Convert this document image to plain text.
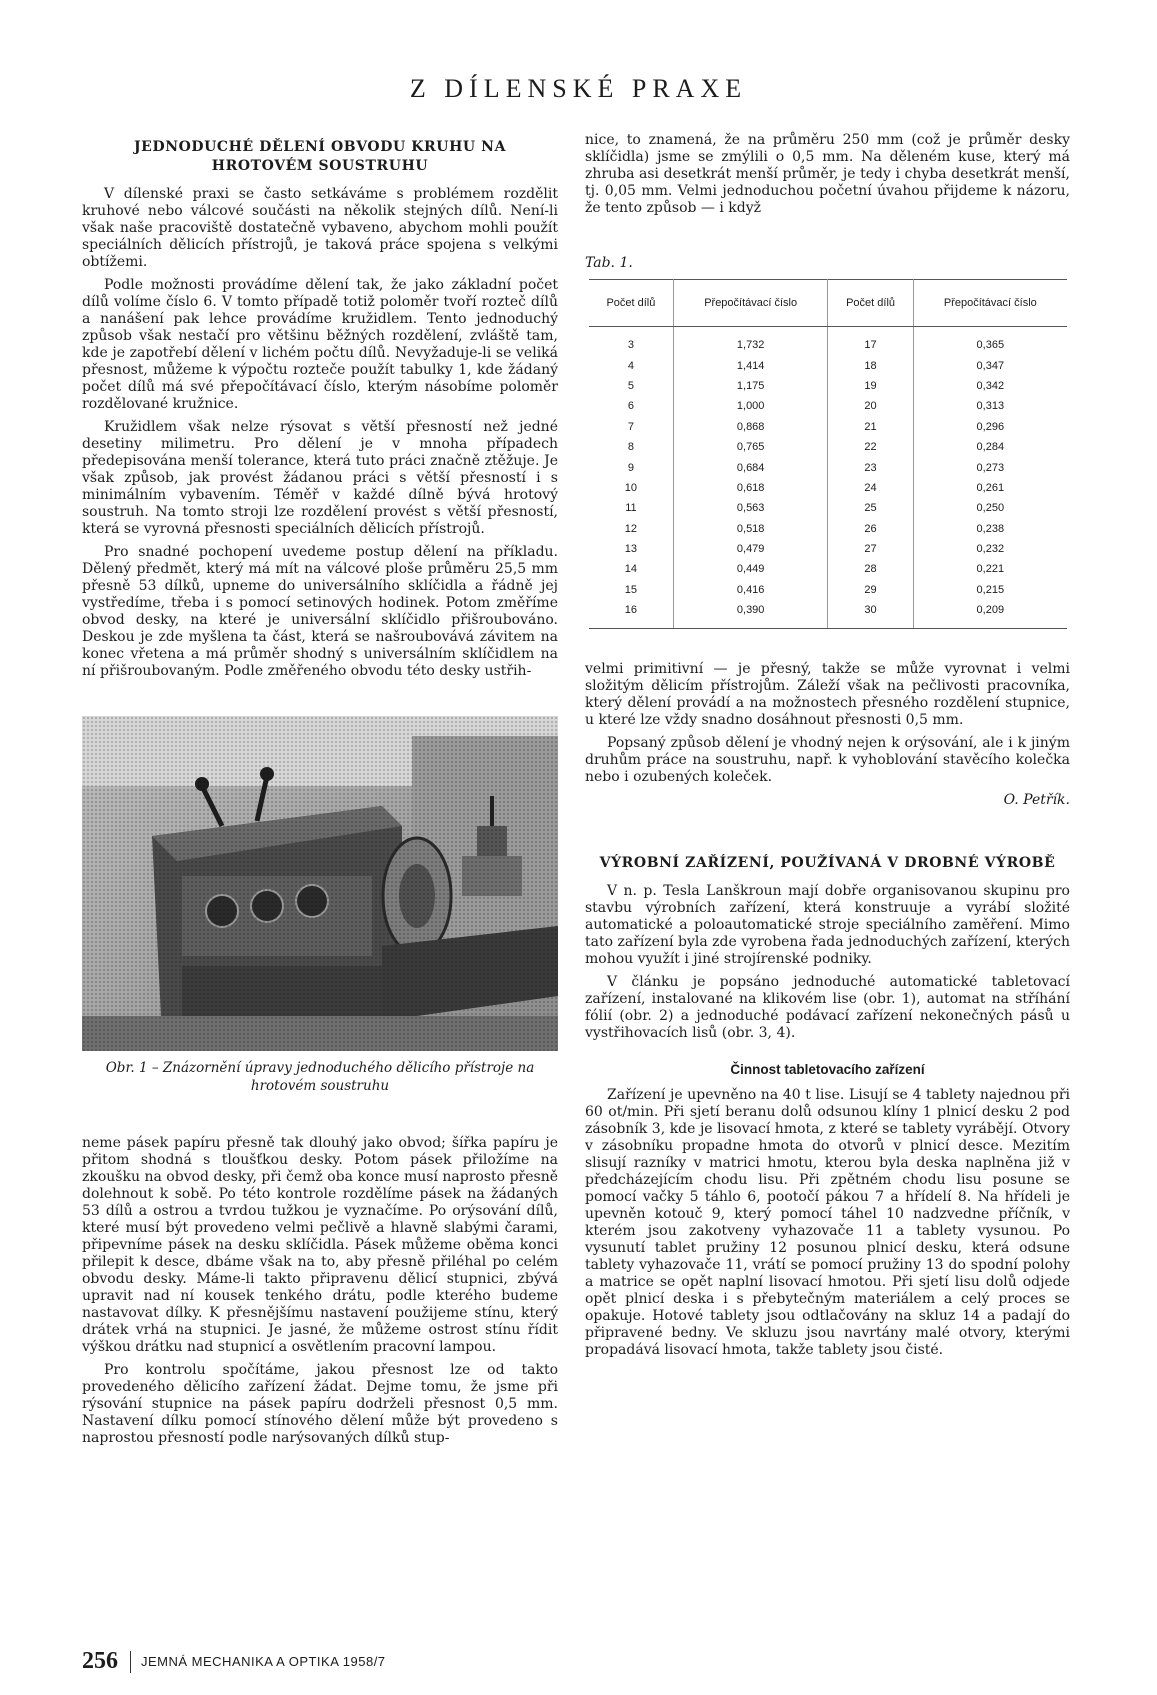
Z DÍLENSKÉ PRAXE
JEDNODUCHÉ DĚLENÍ OBVODU KRUHU NA HROTOVÉM SOUSTRUHU

V dílenské praxi se často setkáváme s problémem rozdělit kruhové nebo válcové součásti na několik stejných dílů. Není-li však naše pracoviště dostatečně vybaveno, abychom mohli použít speciálních dělicích přístrojů, je taková práce spojena s velkými obtížemi.

Podle možnosti provádíme dělení tak, že jako základní počet dílů volíme číslo 6. V tomto případě totiž poloměr tvoří rozteč dílů a nanášení pak lehce provádíme kružidlem. Tento jednoduchý způsob však nestačí pro většinu běžných rozdělení, zvláště tam, kde je zapotřebí dělení v lichém počtu dílů. Nevyžaduje-li se veliká přesnost, můžeme k výpočtu rozteče použít tabulky 1, kde žádaný počet dílů má své přepočítávací číslo, kterým násobíme poloměr rozdělované kružnice.

Kružidlem však nelze rýsovat s větší přesností než jedné desetiny milimetru. Pro dělení je v mnoha případech předepisována menší tolerance, která tuto práci značně ztěžuje. Je však způsob, jak provést žádanou práci s větší přesností i s minimálním vybavením. Téměř v každé dílně bývá hrotový soustruh. Na tomto stroji lze rozdělení provést s větší přesností, která se vyrovná přesnosti speciálních dělicích přístrojů.

Pro snadné pochopení uvedeme postup dělení na příkladu. Dělený předmět, který má mít na válcové ploše průměru 25,5 mm přesně 53 dílků, upneme do universálního sklíčidla a řádně jej vystředíme, třeba i s pomocí setinových hodinek. Potom změříme obvod desky, na které je universální sklíčidlo přišroubováno. Deskou je zde myšlena ta část, která se našroubovává závitem na konec vřetena a má průměr shodný s universálním sklíčidlem na ní přišroubovaným. Podle změřeného obvodu této desky ustřih-

Obr. 1 – Znázornění úpravy jednoduchého dělicího přístroje na hrotovém soustruhu

neme pásek papíru přesně tak dlouhý jako obvod; šířka papíru je přitom shodná s tloušťkou desky. Potom pásek přiložíme na zkoušku na obvod desky, při čemž oba konce musí naprosto přesně dolehnout k sobě. Po této kontrole rozdělíme pásek na žádaných 53 dílů a ostrou a tvrdou tužkou je vyznačíme. Po orýsování dílů, které musí být provedeno velmi pečlivě a hlavně slabými čarami, připevníme pásek na desku sklíčidla. Pásek můžeme oběma konci přilepit k desce, dbáme však na to, aby přesně přiléhal po celém obvodu desky. Máme-li takto připravenu dělicí stupnici, zbývá upravit nad ní kousek tenkého drátu, podle kterého budeme nastavovat dílky. K přesnějšímu nastavení použijeme stínu, který drátek vrhá na stupnici. Je jasné, že můžeme ostrost stínu řídit výškou drátku nad stupnicí a osvětlením pracovní lampou.

Pro kontrolu spočítáme, jakou přesnost lze od takto provedeného dělicího zařízení žádat. Dejme tomu, že jsme při rýsování stupnice na pásek papíru dodrželi přesnost 0,5 mm. Nastavení dílku pomocí stínového dělení může být provedeno s naprostou přesností podle narýsovaných dílků stup-

nice, to znamená, že na průměru 250 mm (což je průměr desky sklíčidla) jsme se zmýlili o 0,5 mm. Na děleném kuse, který má zhruba asi desetkrát menší průměr, je tedy i chyba desetkrát menší, tj. 0,05 mm. Velmi jednoduchou početní úvahou přijdeme k názoru, že tento způsob — i když

Tab. 1.
Počet dílů	Přepočítávací číslo	Počet dílů	Přepočítávací číslo
3	1,732	17	0,365
4	1,414	18	0,347
5	1,175	19	0,342
6	1,000	20	0,313
7	0,868	21	0,296
8	0,765	22	0,284
9	0,684	23	0,273
10	0,618	24	0,261
11	0,563	25	0,250
12	0,518	26	0,238
13	0,479	27	0,232
14	0,449	28	0,221
15	0,416	29	0,215
16	0,390	30	0,209

velmi primitivní — je přesný, takže se může vyrovnat i velmi složitým dělicím přístrojům. Záleží však na pečlivosti pracovníka, který dělení provádí a na možnostech přesného rozdělení stupnice, u které lze vždy snadno dosáhnout přesnosti 0,5 mm.

Popsaný způsob dělení je vhodný nejen k orýsování, ale i k jiným druhům práce na soustruhu, např. k vyhoblování stavěcího kolečka nebo i ozubených koleček.

O. Petřík.
VÝROBNÍ ZAŘÍZENÍ, POUŽÍVANÁ V DROBNÉ VÝROBĚ

V n. p. Tesla Lanškroun mají dobře organisovanou skupinu pro stavbu výrobních zařízení, která konstruuje a vyrábí složité automatické a poloautomatické stroje speciálního zaměření. Mimo tato zařízení byla zde vyrobena řada jednoduchých zařízení, kterých mohou využít i jiné strojírenské podniky.

V článku je popsáno jednoduché automatické tabletovací zařízení, instalované na klikovém lise (obr. 1), automat na stříhání fólií (obr. 2) a jednoduché podávací zařízení nekonečných pásů u vystřihovacích lisů (obr. 3, 4).

Činnost tabletovacího zařízení

Zařízení je upevněno na 40 t lise. Lisují se 4 tablety najednou při 60 ot/min. Při sjetí beranu dolů odsunou klíny 1 plnicí desku 2 pod zásobník 3, kde je lisovací hmota, z které se tablety vyrábějí. Otvory v zásobníku propadne hmota do otvorů v plnicí desce. Mezitím slisují razníky v matrici hmotu, kterou byla deska naplněna již v předcházejícím chodu lisu. Při zpětném chodu lisu posune se pomocí vačky 5 táhlo 6, pootočí pákou 7 a hřídelí 8. Na hřídeli je upevněn kotouč 9, který pomocí táhel 10 nadzvedne příčník, v kterém jsou zakotveny vyhazovače 11 a tablety vysunou. Po vysunutí tablet pružiny 12 posunou plnicí desku, která odsune tablety vyhazovače 11, vrátí se pomocí pružiny 13 do spodní polohy a matrice se opět naplní lisovací hmotou. Při sjetí lisu dolů odjede opět plnicí deska i s přebytečným materiálem a celý proces se opakuje. Hotové tablety jsou odtlačovány na skluz 14 a padají do připravené bedny. Ve skluzu jsou navrtány malé otvory, kterými propadává lisovací hmota, takže tablety jsou čisté.

256 JEMNÁ MECHANIKA A OPTIKA 1958/7
